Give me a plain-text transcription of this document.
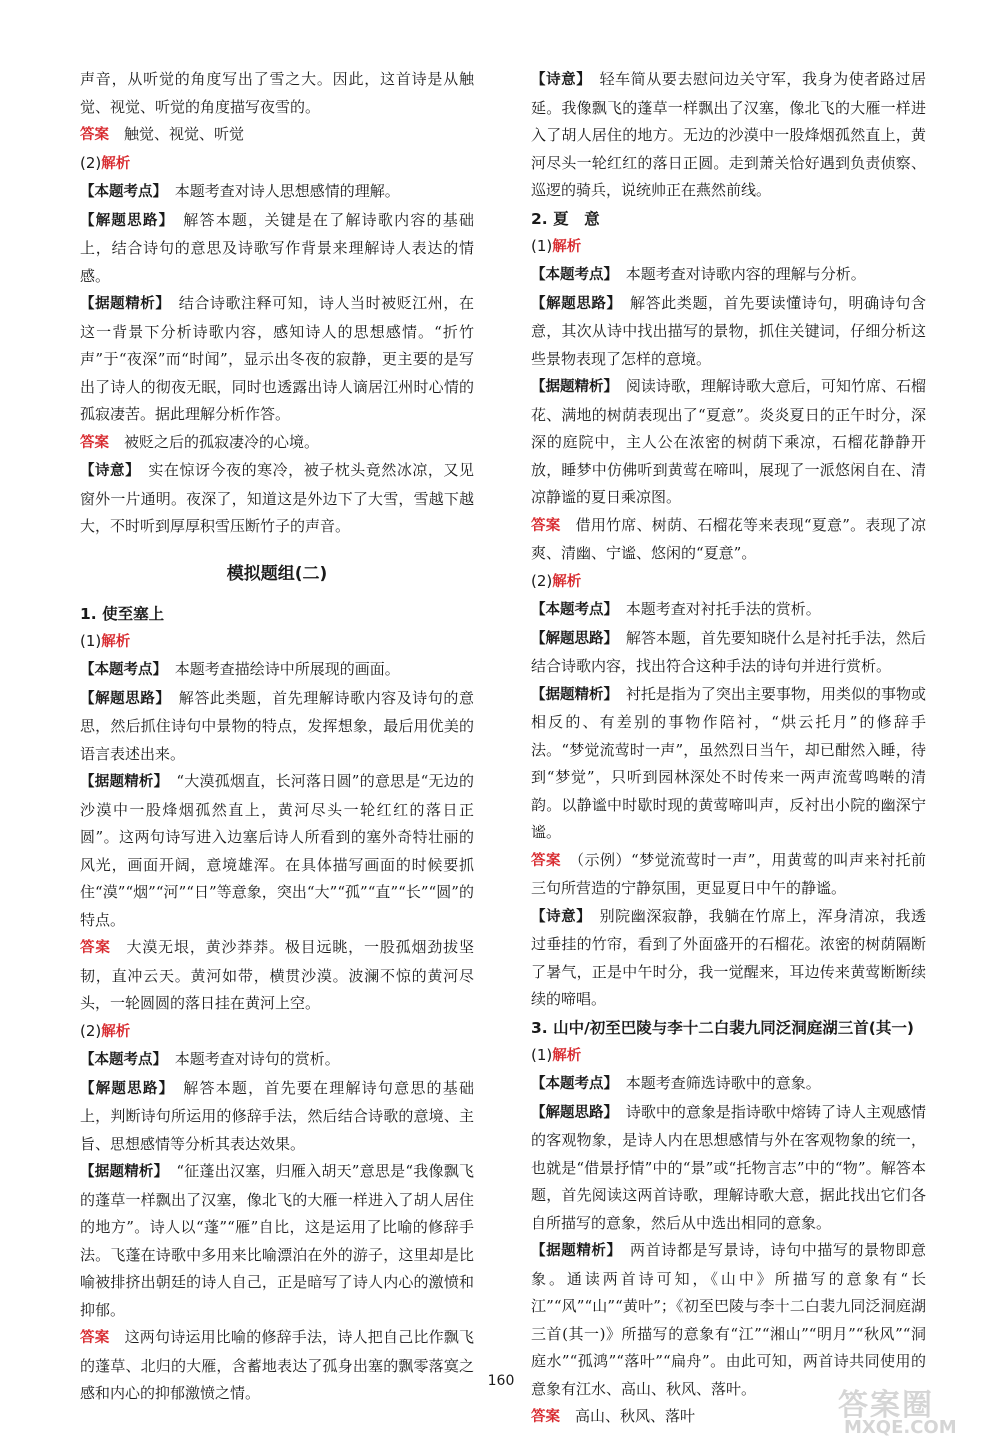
声音，从听觉的角度写出了雪之大。因此，这首诗是从触觉、视觉、听觉的角度描写夜雪的。

答案　 触觉、视觉、听觉

(2)解析

【本题考点】　 本题考查对诗人思想感情的理解。

【解题思路】　 解答本题，关键是在了解诗歌内容的基础上，结合诗句的意思及诗歌写作背景来理解诗人表达的情感。

【据题精析】　 结合诗歌注释可知，诗人当时被贬江州，在这一背景下分析诗歌内容，感知诗人的思想感情。“折竹声”于“夜深”而“时闻”，显示出冬夜的寂静，更主要的是写出了诗人的彻夜无眠，同时也透露出诗人谪居江州时心情的孤寂凄苦。据此理解分析作答。

答案　 被贬之后的孤寂凄冷的心境。

【诗意】　 实在惊讶今夜的寒冷，被子枕头竟然冰凉，又见窗外一片通明。夜深了，知道这是外边下了大雪，雪越下越大，不时听到厚厚积雪压断竹子的声音。

模拟题组(二)

1. 使至塞上

(1)解析

【本题考点】　 本题考查描绘诗中所展现的画面。

【解题思路】　 解答此类题，首先理解诗歌内容及诗句的意思，然后抓住诗句中景物的特点，发挥想象，最后用优美的语言表述出来。

【据题精析】　 “大漠孤烟直，长河落日圆”的意思是“无边的沙漠中一股烽烟孤然直上，黄河尽头一轮红红的落日正圆”。这两句诗写进入边塞后诗人所看到的塞外奇特壮丽的风光，画面开阔，意境雄浑。在具体描写画面的时候要抓住“漠”“烟”“河”“日”等意象，突出“大”“孤”“直”“长”“圆”的特点。

答案　 大漠无垠，黄沙莽莽。极目远眺，一股孤烟劲拔坚韧，直冲云天。黄河如带，横贯沙漠。波澜不惊的黄河尽头，一轮圆圆的落日挂在黄河上空。

(2)解析

【本题考点】　 本题考查对诗句的赏析。

【解题思路】　 解答本题，首先要在理解诗句意思的基础上，判断诗句所运用的修辞手法，然后结合诗歌的意境、主旨、思想感情等分析其表达效果。

【据题精析】　 “征蓬出汉塞，归雁入胡天”意思是“我像飘飞的蓬草一样飘出了汉塞，像北飞的大雁一样进入了胡人居住的地方”。诗人以“蓬”“雁”自比，这是运用了比喻的修辞手法。飞蓬在诗歌中多用来比喻漂泊在外的游子，这里却是比喻被排挤出朝廷的诗人自己，正是暗写了诗人内心的激愤和抑郁。

答案　 这两句诗运用比喻的修辞手法，诗人把自己比作飘飞的蓬草、北归的大雁，含蓄地表达了孤身出塞的飘零落寞之感和内心的抑郁激愤之情。

【诗意】　 轻车简从要去慰问边关守军，我身为使者路过居延。我像飘飞的蓬草一样飘出了汉塞，像北飞的大雁一样进入了胡人居住的地方。无边的沙漠中一股烽烟孤然直上，黄河尽头一轮红红的落日正圆。走到萧关恰好遇到负责侦察、巡逻的骑兵，说统帅正在燕然前线。

2. 夏　意

(1)解析

【本题考点】　 本题考查对诗歌内容的理解与分析。

【解题思路】　 解答此类题，首先要读懂诗句，明确诗句含意，其次从诗中找出描写的景物，抓住关键词，仔细分析这些景物表现了怎样的意境。

【据题精析】　 阅读诗歌，理解诗歌大意后，可知竹席、石榴花、满地的树荫表现出了“夏意”。炎炎夏日的正午时分，深深的庭院中，主人公在浓密的树荫下乘凉，石榴花静静开放，睡梦中仿佛听到黄莺在啼叫，展现了一派悠闲自在、清凉静谧的夏日乘凉图。

答案　 借用竹席、树荫、石榴花等来表现“夏意”。表现了凉爽、清幽、宁谧、悠闲的“夏意”。

(2)解析

【本题考点】　 本题考查对衬托手法的赏析。

【解题思路】　 解答本题，首先要知晓什么是衬托手法，然后结合诗歌内容，找出符合这种手法的诗句并进行赏析。

【据题精析】　 衬托是指为了突出主要事物，用类似的事物或相反的、有差别的事物作陪衬，“烘云托月”的修辞手法。“梦觉流莺时一声”，虽然烈日当午，却已酣然入睡，待到“梦觉”，只听到园林深处不时传来一两声流莺鸣啭的清韵。以静谧中时歇时现的黄莺啼叫声，反衬出小院的幽深宁谧。

答案　 （示例）“梦觉流莺时一声”，用黄莺的叫声来衬托前三句所营造的宁静氛围，更显夏日中午的静谧。

【诗意】　 别院幽深寂静，我躺在竹席上，浑身清凉，我透过垂挂的竹帘，看到了外面盛开的石榴花。浓密的树荫隔断了暑气，正是中午时分，我一觉醒来，耳边传来黄莺断断续续的啼唱。

3. 山中/初至巴陵与李十二白裴九同泛洞庭湖三首(其一)

(1)解析

【本题考点】　 本题考查筛选诗歌中的意象。

【解题思路】　 诗歌中的意象是指诗歌中熔铸了诗人主观感情的客观物象，是诗人内在思想感情与外在客观物象的统一，也就是“借景抒情”中的“景”或“托物言志”中的“物”。解答本题，首先阅读这两首诗歌，理解诗歌大意，据此找出它们各自所描写的意象，然后从中选出相同的意象。

【据题精析】　 两首诗都是写景诗，诗句中描写的景物即意象。通读两首诗可知，《山中》所描写的意象有“长江”“风”“山”“黄叶”；《初至巴陵与李十二白裴九同泛洞庭湖三首(其一)》所描写的意象有“江”“湘山”“明月”“秋风”“洞庭水”“孤鸿”“落叶”“扁舟”。由此可知，两首诗共同使用的意象有江水、高山、秋风、落叶。

答案　 高山、秋风、落叶

160
答案圈
MXQE.COM
